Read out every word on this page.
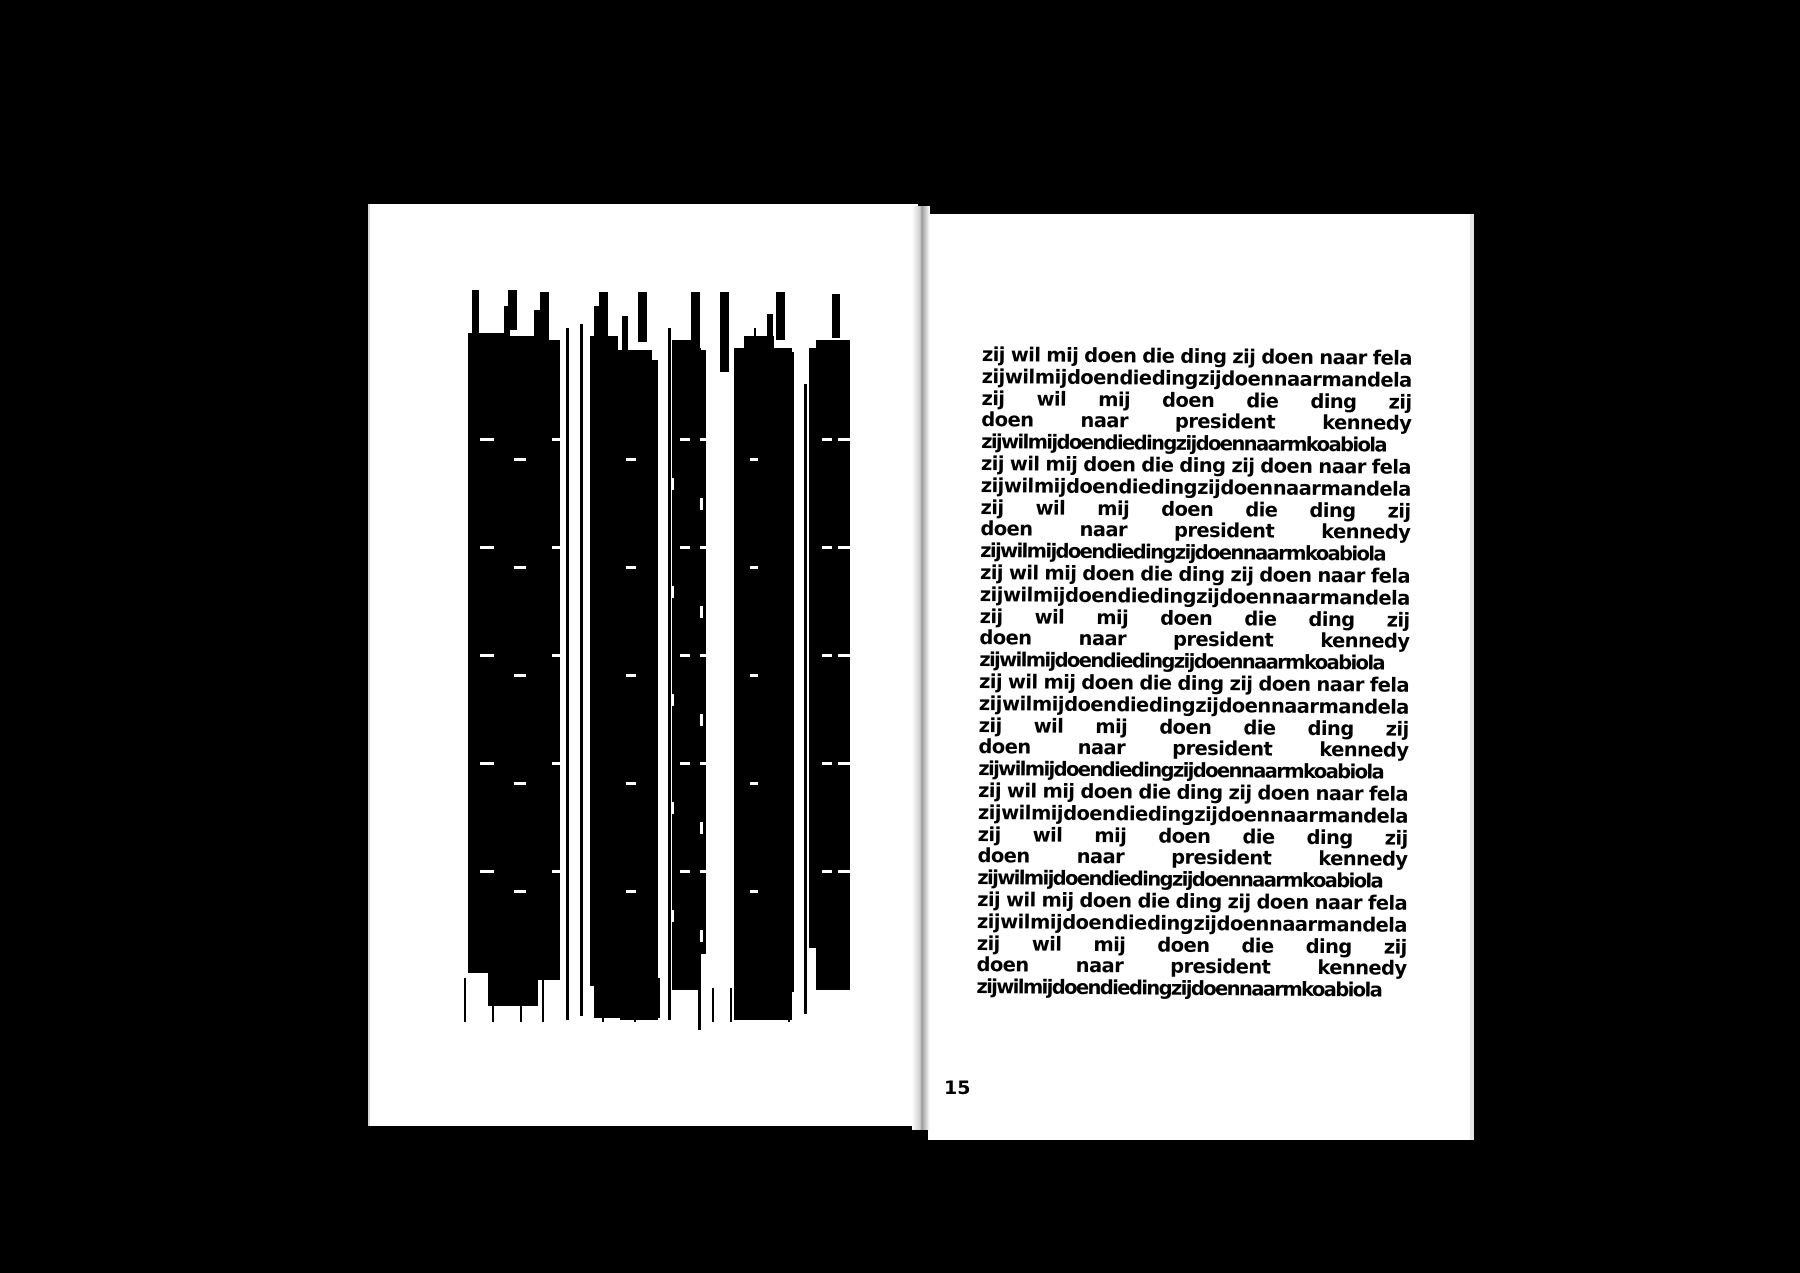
zij wil mij doen die ding zij doen naar fela
zij wil mij doen die ding zij doen naar mandela
zij wil mij doen die ding zij
doen naar president kennedy
zijwilmijdoendiedingzijdoennaarmkoabiola
zij wil mij doen die ding zij doen naar fela
zij wil mij doen die ding zij doen naar mandela
zij wil mij doen die ding zij
doen naar president kennedy
zijwilmijdoendiedingzijdoennaarmkoabiola
zij wil mij doen die ding zij doen naar fela
zij wil mij doen die ding zij doen naar mandela
zij wil mij doen die ding zij
doen naar president kennedy
zijwilmijdoendiedingzijdoennaarmkoabiola
zij wil mij doen die ding zij doen naar fela
zij wil mij doen die ding zij doen naar mandela
zij wil mij doen die ding zij
doen naar president kennedy
zijwilmijdoendiedingzijdoennaarmkoabiola
zij wil mij doen die ding zij doen naar fela
zij wil mij doen die ding zij doen naar mandela
zij wil mij doen die ding zij
doen naar president kennedy
zijwilmijdoendiedingzijdoennaarmkoabiola
zij wil mij doen die ding zij doen naar fela
zij wil mij doen die ding zij doen naar mandela
zij wil mij doen die ding zij
doen naar president kennedy
zijwilmijdoendiedingzijdoennaarmkoabiola
15
